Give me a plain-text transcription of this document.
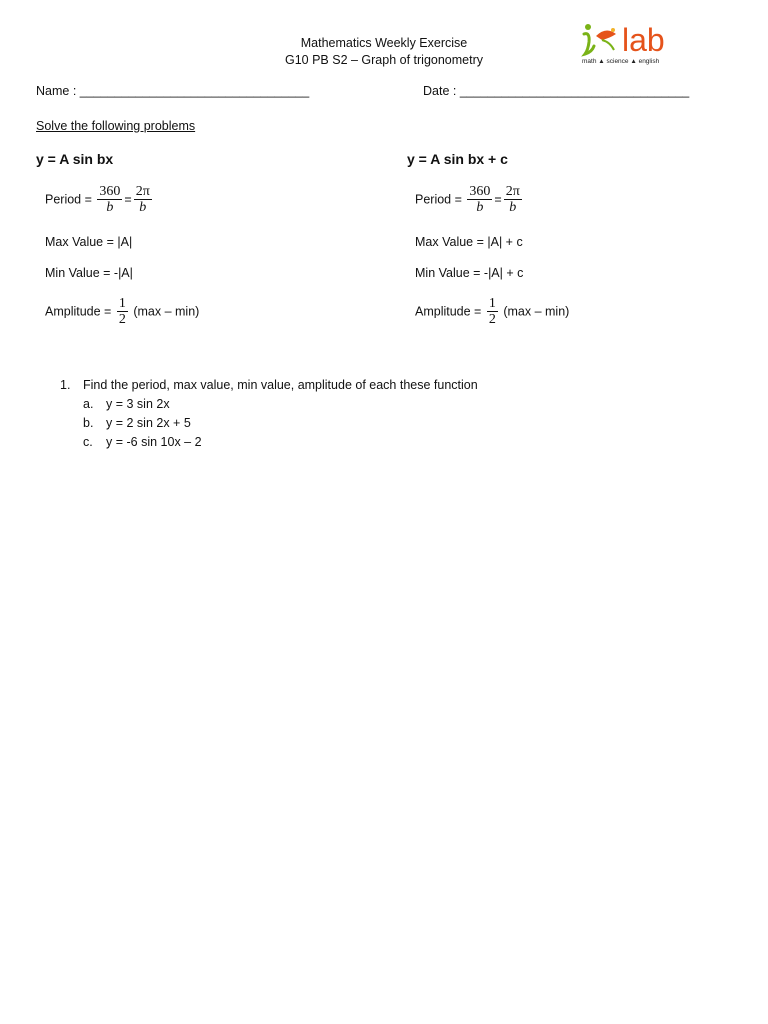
Mathematics Weekly Exercise
G10 PB S2 – Graph of trigonometry
lab
math ▲ science ▲ english
Name : _________________________________	Date : _________________________________
Solve the following problems
y = A sin bx
Period = $\frac{360}{b} = \frac{2\pi}{b}$
Max Value = |A|
Min Value = -|A|
Amplitude = $\frac{1}{2} (\max - \min)$
y = A sin bx + c
Period = $\frac{360}{b} = \frac{2\pi}{b}$
Max Value = |A| + c
Min Value = -|A| + c
Amplitude = $\frac{1}{2} (\max - \min)$
1. Find the period, max value, min value, amplitude of each these function
a. y = 3 sin 2x
b. y = 2 sin 2x + 5
c. y = -6 sin 10x – 2
